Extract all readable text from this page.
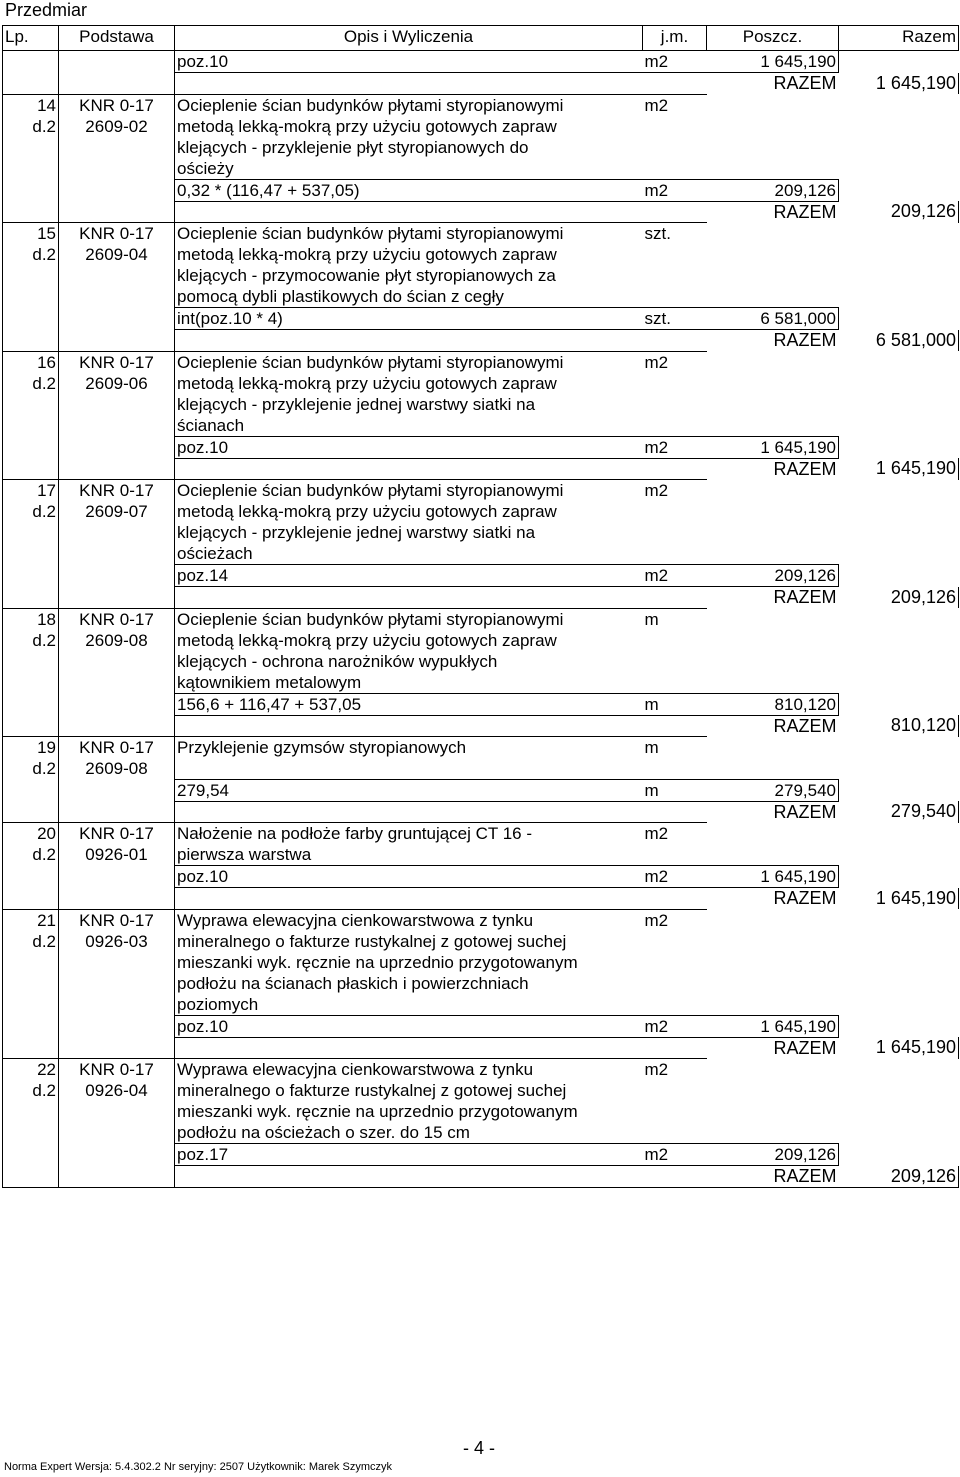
Przedmiar
Lp.	Podstawa	Opis i Wyliczenia	j.m.	Poszcz.	Razem
		poz.10	m2	1 645,190	
				RAZEM	1 645,190
14	KNR 0-17	Ocieplenie ścian budynków płytami styropianowymi	m2		
d.2	2609-02	metodą lekką-mokrą przy użyciu gotowych zapraw			
		klejących - przyklejenie płyt styropianowych do			
		ościeży			
		0,32 * (116,47 + 537,05)	m2	209,126	
				RAZEM	209,126
15	KNR 0-17	Ocieplenie ścian budynków płytami styropianowymi	szt.		
d.2	2609-04	metodą lekką-mokrą przy użyciu gotowych zapraw			
		klejących - przymocowanie płyt styropianowych za			
		pomocą dybli plastikowych do ścian z cegły			
		int(poz.10 * 4)	szt.	6 581,000	
				RAZEM	6 581,000
16	KNR 0-17	Ocieplenie ścian budynków płytami styropianowymi	m2		
d.2	2609-06	metodą lekką-mokrą przy użyciu gotowych zapraw			
		klejących - przyklejenie jednej warstwy siatki na			
		ścianach			
		poz.10	m2	1 645,190	
				RAZEM	1 645,190
17	KNR 0-17	Ocieplenie ścian budynków płytami styropianowymi	m2		
d.2	2609-07	metodą lekką-mokrą przy użyciu gotowych zapraw			
		klejących - przyklejenie jednej warstwy siatki na			
		ościeżach			
		poz.14	m2	209,126	
				RAZEM	209,126
18	KNR 0-17	Ocieplenie ścian budynków płytami styropianowymi	m		
d.2	2609-08	metodą lekką-mokrą przy użyciu gotowych zapraw			
		klejących - ochrona narożników wypukłych			
		kątownikiem metalowym			
		156,6 + 116,47 + 537,05	m	810,120	
				RAZEM	810,120
19	KNR 0-17	Przyklejenie gzymsów styropianowych	m		
d.2	2609-08				
		279,54	m	279,540	
				RAZEM	279,540
20	KNR 0-17	Nałożenie na podłoże farby gruntującej CT 16 -	m2		
d.2	0926-01	pierwsza warstwa			
		poz.10	m2	1 645,190	
				RAZEM	1 645,190
21	KNR 0-17	Wyprawa elewacyjna cienkowarstwowa z tynku	m2		
d.2	0926-03	mineralnego o fakturze rustykalnej z gotowej suchej			
		mieszanki wyk. ręcznie na uprzednio przygotowanym			
		podłożu na ścianach płaskich i powierzchniach			
		poziomych			
		poz.10	m2	1 645,190	
				RAZEM	1 645,190
22	KNR 0-17	Wyprawa elewacyjna cienkowarstwowa z tynku	m2		
d.2	0926-04	mineralnego o fakturze rustykalnej z gotowej suchej			
		mieszanki wyk. ręcznie na uprzednio przygotowanym			
		podłożu na ościeżach o szer. do 15 cm			
		poz.17	m2	209,126	
				RAZEM	209,126
- 4 -
Norma Expert Wersja: 5.4.302.2 Nr seryjny: 2507 Użytkownik: Marek Szymczyk
